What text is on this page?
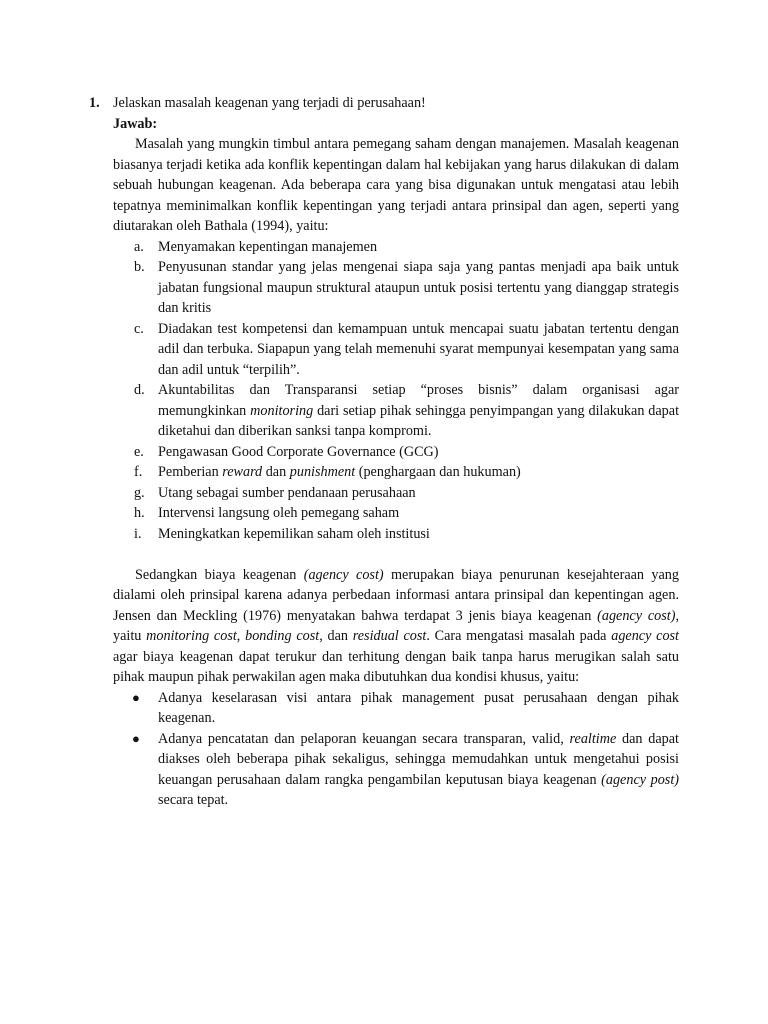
1. Jelaskan masalah keagenan yang terjadi di perusahaan!
Jawab:

Masalah yang mungkin timbul antara pemegang saham dengan manajemen. Masalah keagenan biasanya terjadi ketika ada konflik kepentingan dalam hal kebijakan yang harus dilakukan di dalam sebuah hubungan keagenan. Ada beberapa cara yang bisa digunakan untuk mengatasi atau lebih tepatnya meminimalkan konflik kepentingan yang terjadi antara prinsipal dan agen, seperti yang diutarakan oleh Bathala (1994), yaitu:

a. Menyamakan kepentingan manajemen
b. Penyusunan standar yang jelas mengenai siapa saja yang pantas menjadi apa baik untuk jabatan fungsional maupun struktural ataupun untuk posisi tertentu yang dianggap strategis dan kritis
c. Diadakan test kompetensi dan kemampuan untuk mencapai suatu jabatan tertentu dengan adil dan terbuka. Siapapun yang telah memenuhi syarat mempunyai kesempatan yang sama dan adil untuk “terpilih”.
d. Akuntabilitas dan Transparansi setiap “proses bisnis” dalam organisasi agar memungkinkan monitoring dari setiap pihak sehingga penyimpangan yang dilakukan dapat diketahui dan diberikan sanksi tanpa kompromi.
e. Pengawasan Good Corporate Governance (GCG)
f. Pemberian reward dan punishment (penghargaan dan hukuman)
g. Utang sebagai sumber pendanaan perusahaan
h. Intervensi langsung oleh pemegang saham
i. Meningkatkan kepemilikan saham oleh institusi

Sedangkan biaya keagenan (agency cost) merupakan biaya penurunan kesejahteraan yang dialami oleh prinsipal karena adanya perbedaan informasi antara prinsipal dan kepentingan agen. Jensen dan Meckling (1976) menyatakan bahwa terdapat 3 jenis biaya keagenan (agency cost), yaitu monitoring cost, bonding cost, dan residual cost. Cara mengatasi masalah pada agency cost agar biaya keagenan dapat terukur dan terhitung dengan baik tanpa harus merugikan salah satu pihak maupun pihak perwakilan agen maka dibutuhkan dua kondisi khusus, yaitu:

● Adanya keselarasan visi antara pihak management pusat perusahaan dengan pihak keagenan.
● Adanya pencatatan dan pelaporan keuangan secara transparan, valid, realtime dan dapat diakses oleh beberapa pihak sekaligus, sehingga memudahkan untuk mengetahui posisi keuangan perusahaan dalam rangka pengambilan keputusan biaya keagenan (agency post) secara tepat.
